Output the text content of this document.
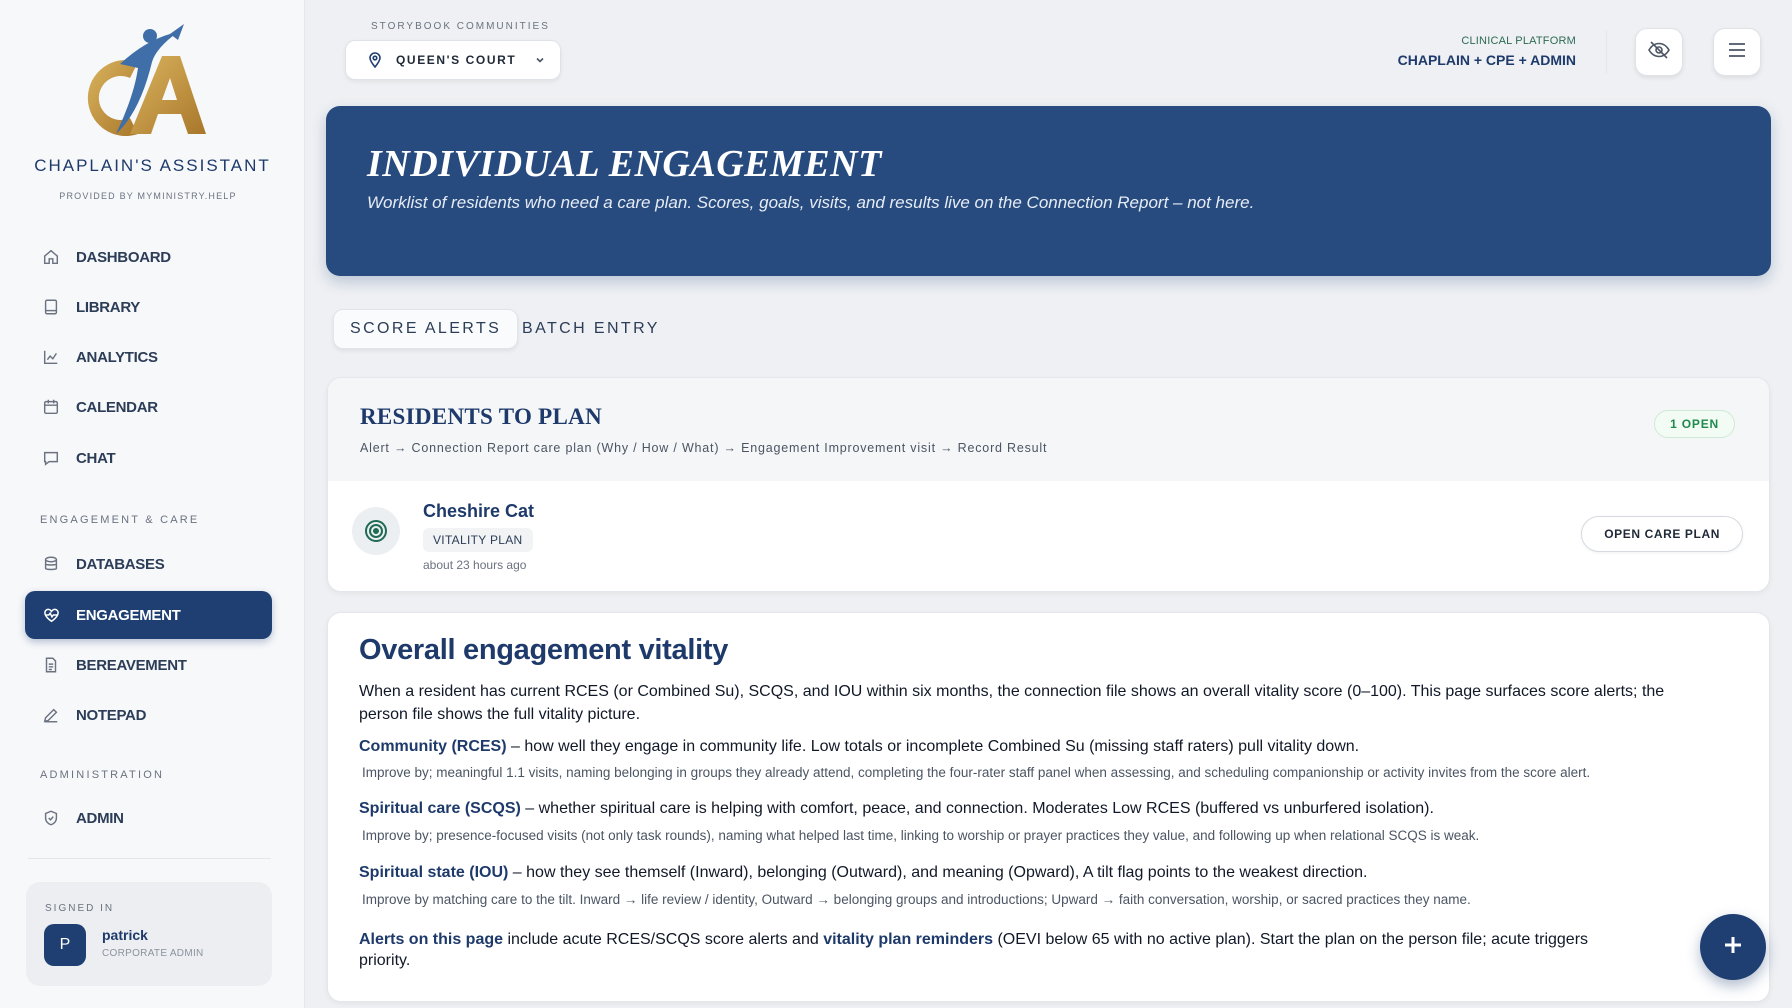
CHAPLAIN'S ASSISTANT
PROVIDED BY MYMINISTRY.HELP
DASHBOARD
LIBRARY
ANALYTICS
CALENDAR
CHAT
ENGAGEMENT & CARE
DATABASES
ENGAGEMENT
BEREAVEMENT
NOTEPAD
ADMINISTRATION
ADMIN
SIGNED IN
P
patrick
CORPORATE ADMIN
STORYBOOK COMMUNITIES
QUEEN'S COURT
CLINICAL PLATFORM
CHAPLAIN + CPE + ADMIN
INDIVIDUAL ENGAGEMENT

Worklist of residents who need a care plan. Scores, goals, visits, and results live on the Connection Report – not here.

SCORE ALERTS	BATCH ENTRY
RESIDENTS TO PLAN
Alert → Connection Report care plan (Why / How / What) → Engagement Improvement visit → Record Result
1 OPEN
Cheshire Cat
VITALITY PLAN
about 23 hours ago
OPEN CARE PLAN
Overall engagement vitality

When a resident has current RCES (or Combined Su), SCQS, and IOU within six months, the connection file shows an overall vitality score (0–100). This page surfaces score alerts; the person file shows the full vitality picture.

Community (RCES) – how well they engage in community life. Low totals or incomplete Combined Su (missing staff raters) pull vitality down.
Improve by; meaningful 1.1 visits, naming belonging in groups they already attend, completing the four-rater staff panel when assessing, and scheduling companionship or activity invites from the score alert.
Spiritual care (SCQS) – whether spiritual care is helping with comfort, peace, and connection. Moderates Low RCES (buffered vs unburfered isolation).
Improve by; presence-focused visits (not only task rounds), naming what helped last time, linking to worship or prayer practices they value, and following up when relational SCQS is weak.
Spiritual state (IOU) – how they see themself (Inward), belonging (Outward), and meaning (Opward), A tilt flag points to the weakest direction.
Improve by matching care to the tilt. Inward → life review / identity, Outward → belonging groups and introductions; Upward → faith conversation, worship, or sacred practices they name.

Alerts on this page include acute RCES/SCQS score alerts and vitality plan reminders (OEVI below 65 with no active plan). Start the plan on the person file; acute triggers priority.
